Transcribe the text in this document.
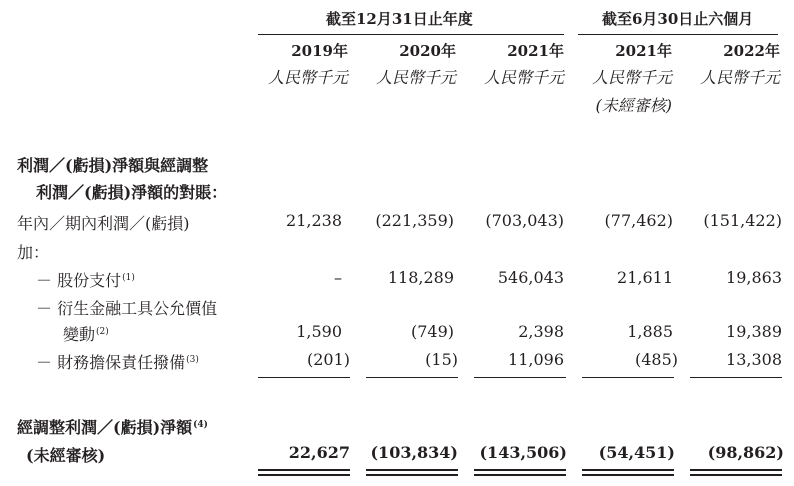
截至12月31日止年度	截至6月30日止六個月
2019年	2020年	2021年	2021年	2022年
人民幣千元	人民幣千元	人民幣千元	人民幣千元	人民幣千元
(未經審核)
利潤／(虧損)淨額與經調整
利潤／(虧損)淨額的對賬：
年內／期內利潤／(虧損)	21,238	(221,359)	(703,043)	(77,462)	(151,422)
加：
－ 股份支付$^{(1)}$	–	118,289	546,043	21,611	19,863
－ 衍生金融工具公允價值
變動$^{(2)}$	1,590	(749)	2,398	1,885	19,389
－ 財務擔保責任撥備$^{(3)}$	(201)	(15)	11,096	(485)	13,308
經調整利潤／(虧損)淨額$^{(4)}$
(未經審核)	22,627	(103,834)	(143,506)	(54,451)	(98,862)
